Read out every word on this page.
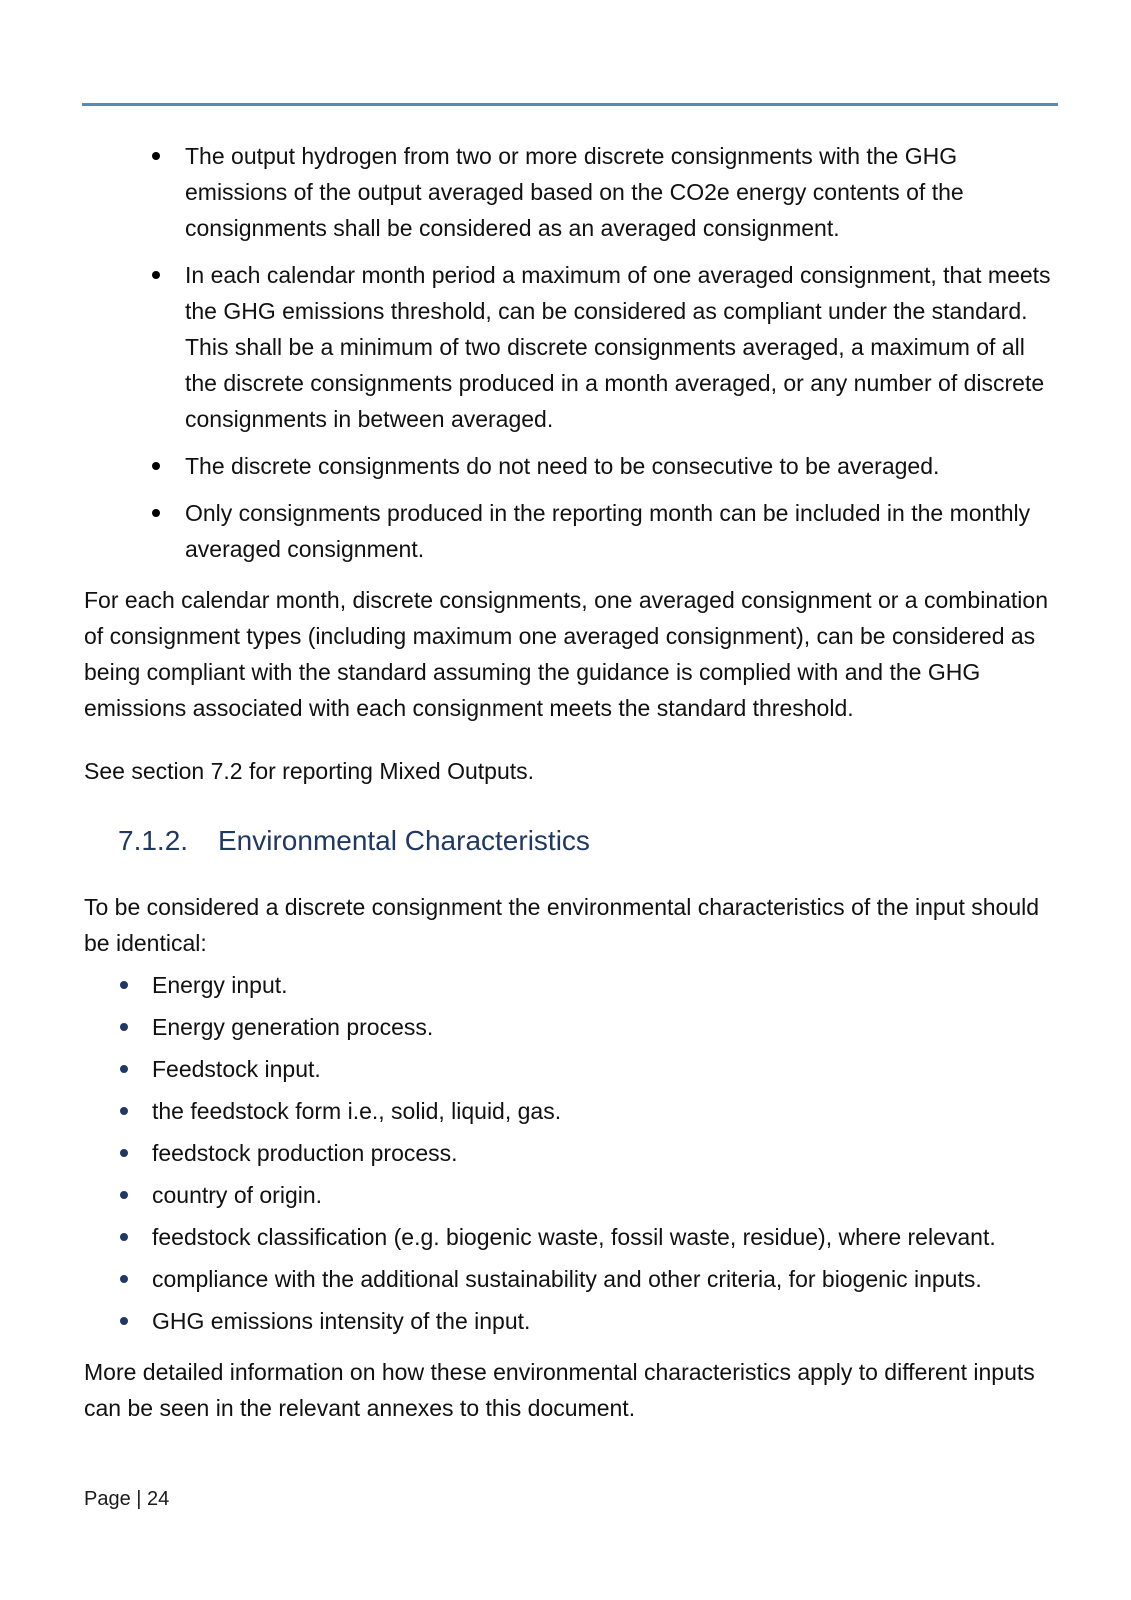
The output hydrogen from two or more discrete consignments with the GHG emissions of the output averaged based on the CO2e energy contents of the consignments shall be considered as an averaged consignment.
In each calendar month period a maximum of one averaged consignment, that meets the GHG emissions threshold, can be considered as compliant under the standard. This shall be a minimum of two discrete consignments averaged, a maximum of all the discrete consignments produced in a month averaged, or any number of discrete consignments in between averaged.
The discrete consignments do not need to be consecutive to be averaged.
Only consignments produced in the reporting month can be included in the monthly averaged consignment.

For each calendar month, discrete consignments, one averaged consignment or a combination of consignment types (including maximum one averaged consignment), can be considered as being compliant with the standard assuming the guidance is complied with and the GHG emissions associated with each consignment meets the standard threshold.

See section 7.2 for reporting Mixed Outputs.

7.1.2.	Environmental Characteristics

To be considered a discrete consignment the environmental characteristics of the input should be identical:

Energy input.
Energy generation process.
Feedstock input.
the feedstock form i.e., solid, liquid, gas.
feedstock production process.
country of origin.
feedstock classification (e.g. biogenic waste, fossil waste, residue), where relevant.
compliance with the additional sustainability and other criteria, for biogenic inputs.
GHG emissions intensity of the input.

More detailed information on how these environmental characteristics apply to different inputs can be seen in the relevant annexes to this document.

Page | 24
